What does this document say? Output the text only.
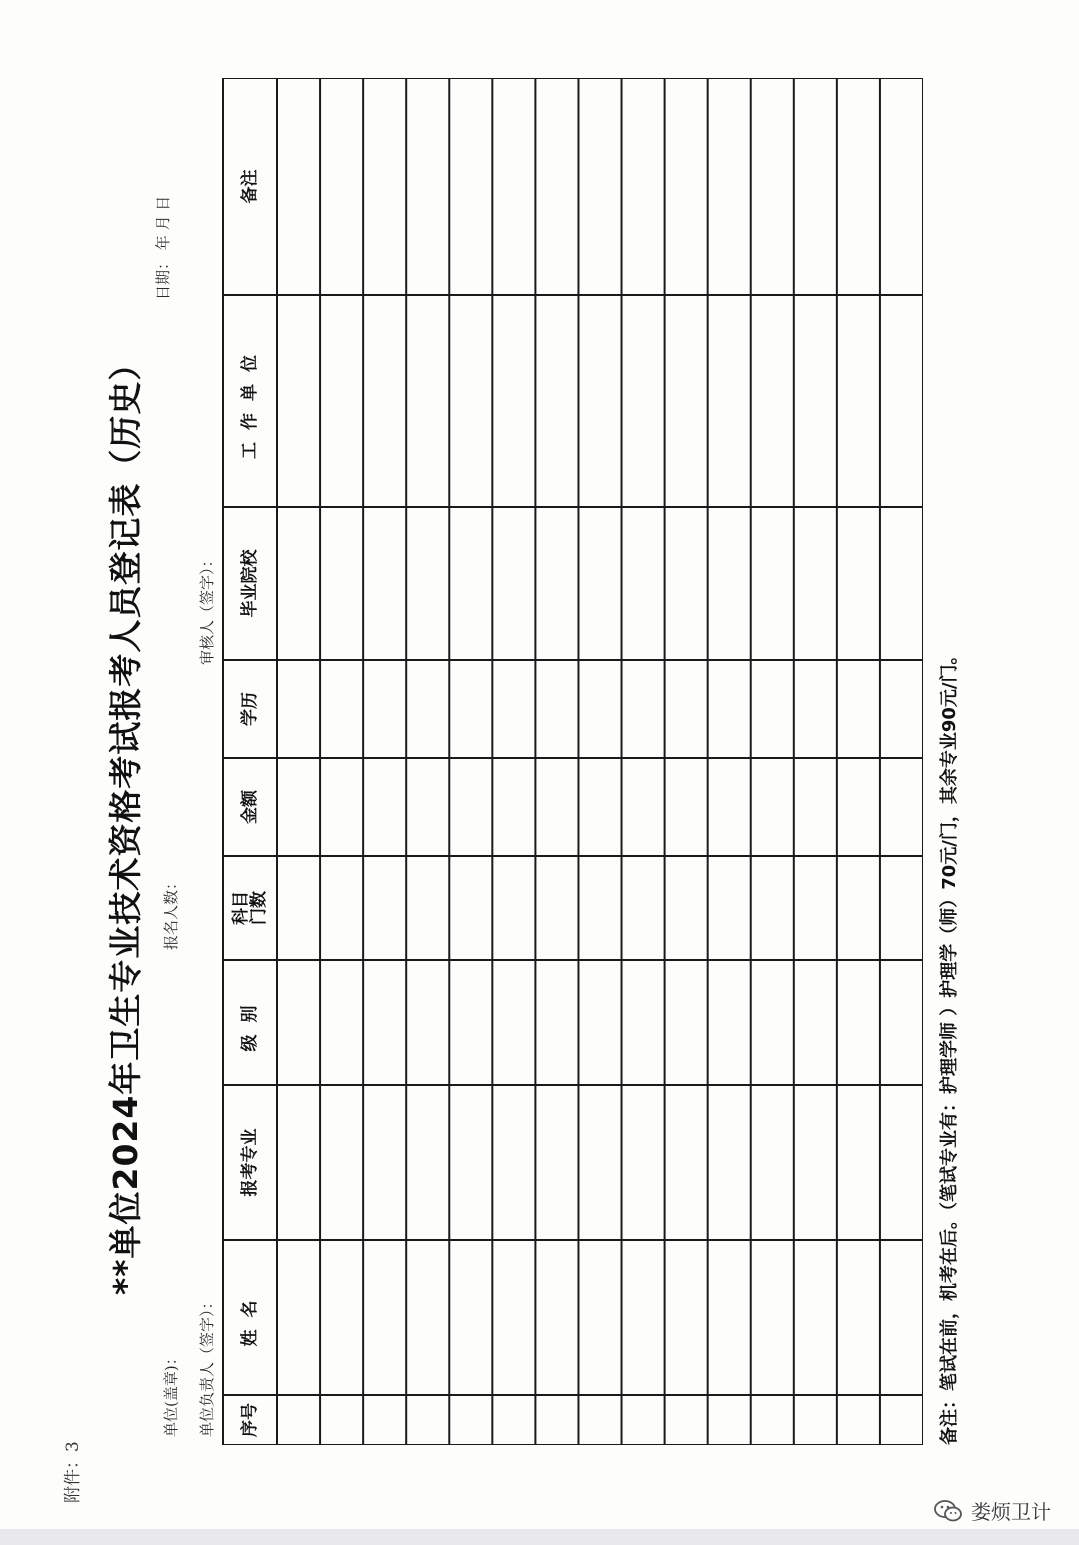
附件：3
**单位2024年卫生专业技术资格考试报考人员登记表（历史）
单位(盖章)： 单位负责人（签字）：
报名人数：
审核人（签字）：
日期： 年 月 日
序号
姓名
报考专业
级别
科目门数
金额
学历
毕业院校
工作单位
备注
备注：笔试在前，机考在后。（笔试专业有：护理学师 ）护理学（师）70元/门，其余专业90元/门。
娄烦卫计
